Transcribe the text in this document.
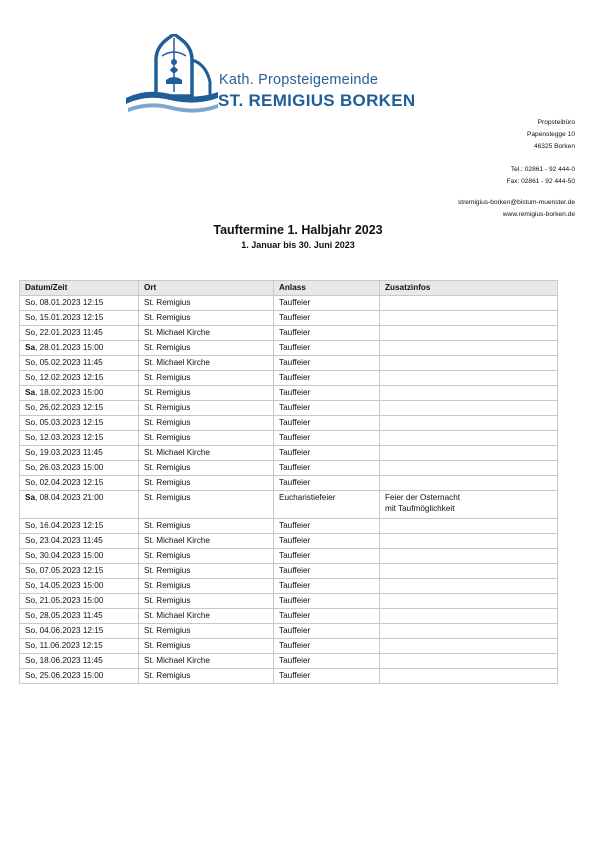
Kath. Propsteigemeinde
ST. REMIGIUS BORKEN
Propsteibüro
Papenstegge 10
46325 Borken
Tel.: 02861 - 92 444-0
Fax: 02861 - 92 444-50
stremigius-borken@bistum-muenster.de
www.remigius-borken.de
Tauftermine 1. Halbjahr 2023
1. Januar bis 30. Juni 2023
Datum/Zeit	Ort	Anlass	Zusatzinfos
So, 08.01.2023 12:15	St. Remigius	Tauffeier	

So, 15.01.2023 12:15	St. Remigius	Tauffeier	

So, 22.01.2023 11:45	St. Michael Kirche	Tauffeier	

Sa, 28.01.2023 15:00	St. Remigius	Tauffeier	

So, 05.02.2023 11:45	St. Michael Kirche	Tauffeier	

So, 12.02.2023 12:15	St. Remigius	Tauffeier	

Sa, 18.02.2023 15:00	St. Remigius	Tauffeier	

So, 26.02.2023 12:15	St. Remigius	Tauffeier	

So, 05.03.2023 12:15	St. Remigius	Tauffeier	

So, 12.03.2023 12:15	St. Remigius	Tauffeier	

So, 19.03.2023 11:45	St. Michael Kirche	Tauffeier	

So, 26.03.2023 15:00	St. Remigius	Tauffeier	

So, 02.04.2023 12:15	St. Remigius	Tauffeier	

Sa, 08.04.2023 21:00	St. Remigius	Eucharistiefeier	Feier der Osternacht
mit Taufmöglichkeit

So, 16.04.2023 12:15	St. Remigius	Tauffeier	

So, 23.04.2023 11:45	St. Michael Kirche	Tauffeier	

So, 30.04.2023 15:00	St. Remigius	Tauffeier	

So, 07.05.2023 12:15	St. Remigius	Tauffeier	

So, 14.05.2023 15:00	St. Remigius	Tauffeier	

So, 21.05.2023 15:00	St. Remigius	Tauffeier	

So, 28.05.2023 11:45	St. Michael Kirche	Tauffeier	

So, 04.06.2023 12:15	St. Remigius	Tauffeier	

So, 11.06.2023 12:15	St. Remigius	Tauffeier	

So, 18.06.2023 11:45	St. Michael Kirche	Tauffeier	

So, 25.06.2023 15:00	St. Remigius	Tauffeier	
